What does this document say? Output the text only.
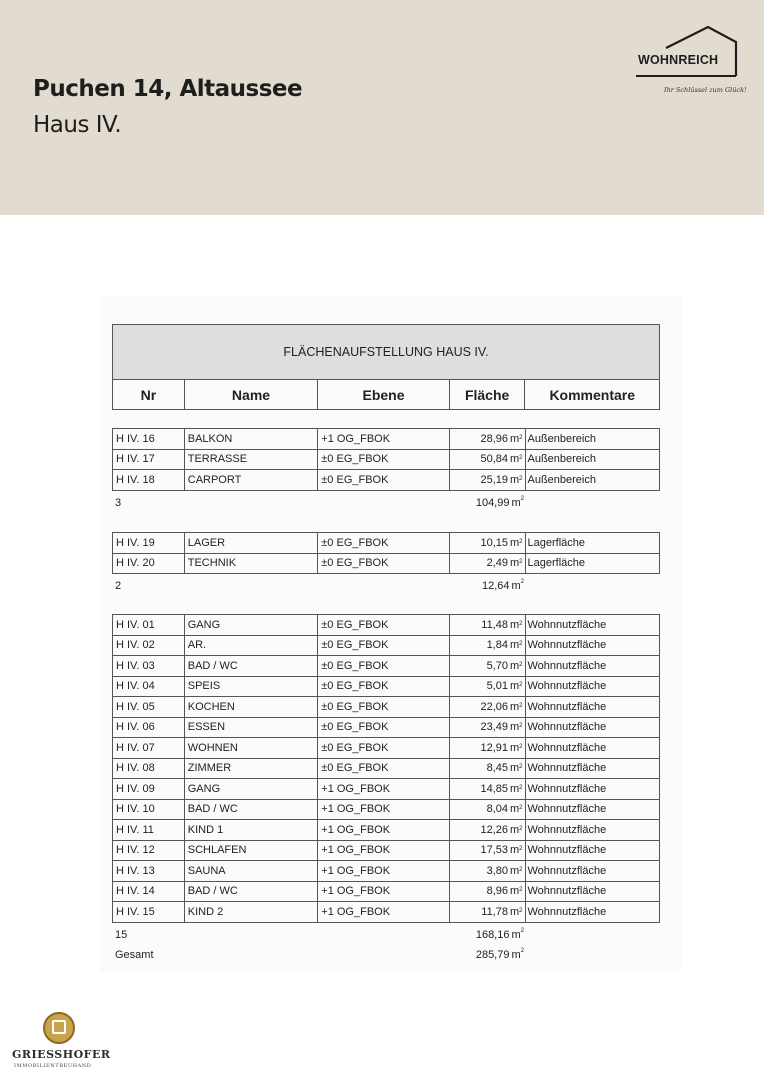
Puchen 14, Altaussee
Haus IV.
WOHNREICH
Ihr Schlüssel zum Glück!
FLÄCHENAUFSTELLUNG HAUS IV.
Nr	Name	Ebene	Fläche	Kommentare
H IV. 16	BALKON	+1 OG_FBOK	28,96 $m^2$ Außenbereich
H IV. 17	TERRASSE	±0 EG_FBOK	50,84 $m^2$ Außenbereich
H IV. 18	CARPORT	±0 EG_FBOK	25,19 $m^2$ Außenbereich
3	104,99 $m^2$
H IV. 19	LAGER	±0 EG_FBOK	10,15 $m^2$ Lagerfläche
H IV. 20	TECHNIK	±0 EG_FBOK	2,49 $m^2$ Lagerfläche
2	12,64 $m^2$
H IV. 01	GANG	±0 EG_FBOK	11,48 $m^2$ Wohnnutzfläche
H IV. 02	AR.	±0 EG_FBOK	1,84 $m^2$ Wohnnutzfläche
H IV. 03	BAD / WC	±0 EG_FBOK	5,70 $m^2$ Wohnnutzfläche
H IV. 04	SPEIS	±0 EG_FBOK	5,01 $m^2$ Wohnnutzfläche
H IV. 05	KOCHEN	±0 EG_FBOK	22,06 $m^2$ Wohnnutzfläche
H IV. 06	ESSEN	±0 EG_FBOK	23,49 $m^2$ Wohnnutzfläche
H IV. 07	WOHNEN	±0 EG_FBOK	12,91 $m^2$ Wohnnutzfläche
H IV. 08	ZIMMER	±0 EG_FBOK	8,45 $m^2$ Wohnnutzfläche
H IV. 09	GANG	+1 OG_FBOK	14,85 $m^2$ Wohnnutzfläche
H IV. 10	BAD / WC	+1 OG_FBOK	8,04 $m^2$ Wohnnutzfläche
H IV. 11	KIND 1	+1 OG_FBOK	12,26 $m^2$ Wohnnutzfläche
H IV. 12	SCHLAFEN	+1 OG_FBOK	17,53 $m^2$ Wohnnutzfläche
H IV. 13	SAUNA	+1 OG_FBOK	3,80 $m^2$ Wohnnutzfläche
H IV. 14	BAD / WC	+1 OG_FBOK	8,96 $m^2$ Wohnnutzfläche
H IV. 15	KIND 2	+1 OG_FBOK	11,78 $m^2$ Wohnnutzfläche
15	168,16 $m^2$
Gesamt	285,79 $m^2$
GRIESSHOFER
IMMOBILIENTREUHAND
